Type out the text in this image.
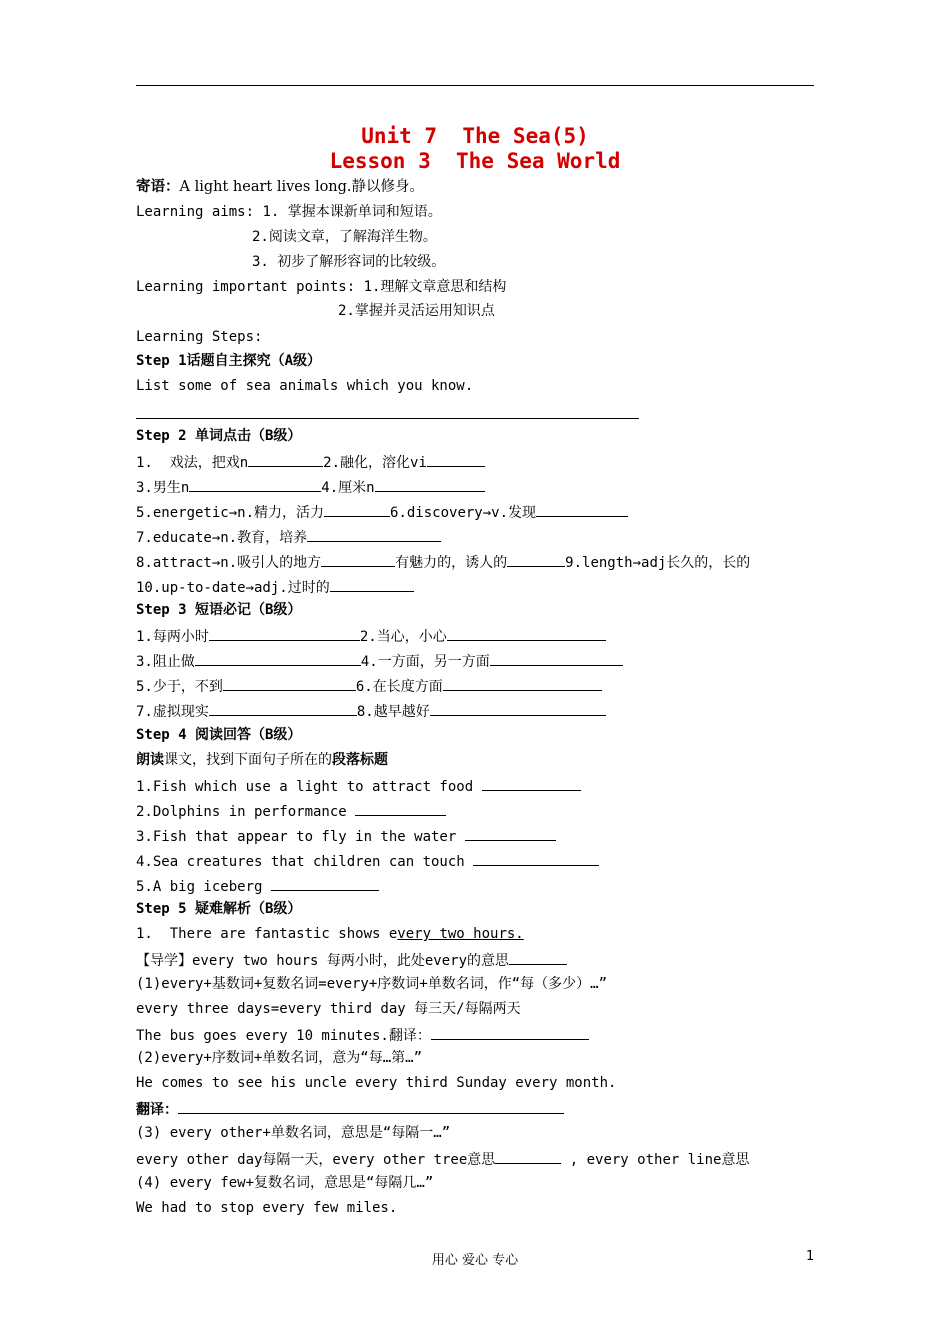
Unit 7  The Sea(5)
Lesson 3  The Sea World
寄语：A light heart lives long.静以修身。
Learning aims: 1. 掌握本课新单词和短语。
2.阅读文章，了解海洋生物。
3. 初步了解形容词的比较级。
Learning important points: 1.理解文章意思和结构
2.掌握并灵活运用知识点
Learning Steps:
Step 1话题自主探究（A级）
List some of sea animals which you know.
Step 2 单词点击（B级）
1.  戏法，把戏n	2.融化，溶化vi
3.男生n	4.厘米n
5.energetic→n.精力，活力	6.discovery→v.发现
7.educate→n.教育，培养
8.attract→n.吸引人的地方	有魅力的，诱人的	9.length→adj长久的，长的
10.up-to-date→adj.过时的
Step 3 短语必记（B级）
1.每两小时	2.当心，小心
3.阻止做	4.一方面，另一方面
5.少于，不到	6.在长度方面
7.虚拟现实	8.越早越好
Step 4 阅读回答（B级）
朗读课文，找到下面句子所在的段落标题
1.Fish which use a light to attract food
2.Dolphins in performance
3.Fish that appear to fly in the water
4.Sea creatures that children can touch
5.A big iceberg
Step 5 疑难解析（B级）
1.  There are fantastic shows every two hours.
【导学】every two hours 每两小时，此处every的意思
(1)every+基数词+复数名词=every+序数词+单数名词，作“每（多少）…”
every three days=every third day 每三天/每隔两天
The bus goes every 10 minutes.翻译：
(2)every+序数词+单数名词，意为“每…第…”
He comes to see his uncle every third Sunday every month.
翻译：
(3) every other+单数名词，意思是“每隔一…”
every other day每隔一天，every other tree意思	, every other line意思
(4) every few+复数名词，意思是“每隔几…”
We had to stop every few miles.
用心 爱心 专心	1
